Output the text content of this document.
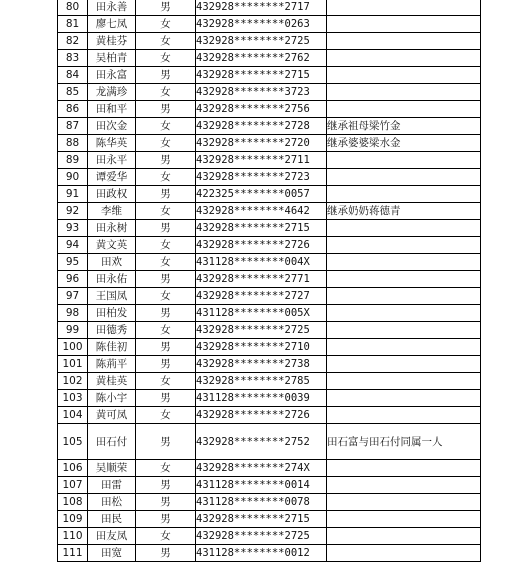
80	田永善	男	432928********2717	
81	廖七凤	女	432928********0263	
82	黄桂芬	女	432928********2725	
83	吴柏青	女	432928********2762	
84	田永富	男	432928********2715	
85	龙满珍	女	432928********3723	
86	田和平	男	432928********2756	
87	田次金	女	432928********2728	继承祖母梁竹金
88	陈华英	女	432928********2720	继承婆婆梁水金
89	田永平	男	432928********2711	
90	谭爱华	女	432928********2723	
91	田政权	男	422325********0057	
92	李维	女	432928********4642	继承奶奶蒋德青
93	田永树	男	432928********2715	
94	黄文英	女	432928********2726	
95	田欢	女	431128********004X	
96	田永佑	男	432928********2771	
97	王国凤	女	432928********2727	
98	田柏发	男	431128********005X	
99	田德秀	女	432928********2725	
100	陈佳初	男	432928********2710	
101	陈荊平	男	432928********2738	
102	黄桂英	女	432928********2785	
103	陈小宇	男	431128********0039	
104	黄可凤	女	432928********2726	
105	田石付	男	432928********2752	田石富与田石付同属一人
106	吴顺荣	女	432928********274X	
107	田雷	男	431128********0014	
108	田松	男	431128********0078	
109	田民	男	432928********2715	
110	田友凤	女	432928********2725	
111	田宽	男	431128********0012	
